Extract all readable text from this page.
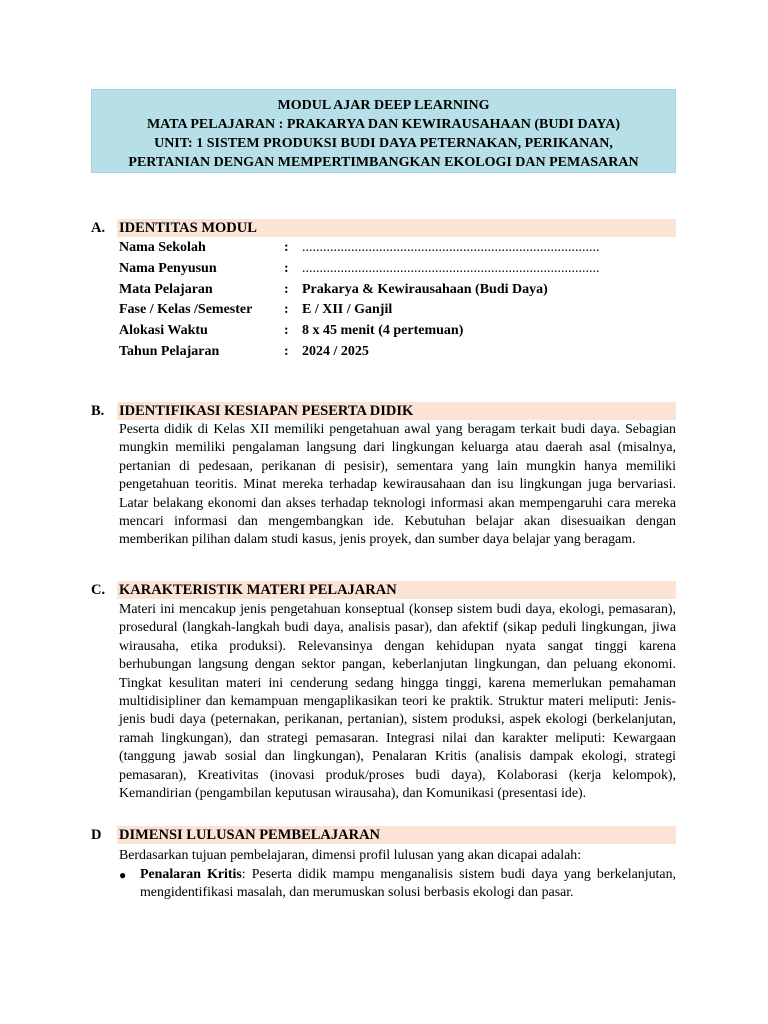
MODUL AJAR DEEP LEARNING
MATA PELAJARAN : PRAKARYA DAN KEWIRAUSAHAAN (BUDI DAYA)
UNIT: 1 SISTEM PRODUKSI BUDI DAYA PETERNAKAN, PERIKANAN,
PERTANIAN DENGAN MEMPERTIMBANGKAN EKOLOGI DAN PEMASARAN
A. IDENTITAS MODUL
Nama Sekolah	: .....................................................................................
Nama Penyusun	: .....................................................................................
Mata Pelajaran	: Prakarya & Kewirausahaan (Budi Daya)
Fase / Kelas /Semester	: E / XII / Ganjil
Alokasi Waktu	: 8 x 45 menit (4 pertemuan)
Tahun Pelajaran	: 2024 / 2025
B.	IDENTIFIKASI KESIAPAN PESERTA DIDIK
Peserta didik di Kelas XII memiliki pengetahuan awal yang beragam terkait budi daya. Sebagian mungkin memiliki pengalaman langsung dari lingkungan keluarga atau daerah asal (misalnya, pertanian di pedesaan, perikanan di pesisir), sementara yang lain mungkin hanya memiliki pengetahuan teoritis. Minat mereka terhadap kewirausahaan dan isu lingkungan juga bervariasi. Latar belakang ekonomi dan akses terhadap teknologi informasi akan mempengaruhi cara mereka mencari informasi dan mengembangkan ide. Kebutuhan belajar akan disesuaikan dengan memberikan pilihan dalam studi kasus, jenis proyek, dan sumber daya belajar yang beragam.
C. KARAKTERISTIK MATERI PELAJARAN
Materi ini mencakup jenis pengetahuan konseptual (konsep sistem budi daya, ekologi, pemasaran), prosedural (langkah-langkah budi daya, analisis pasar), dan afektif (sikap peduli lingkungan, jiwa wirausaha, etika produksi). Relevansinya dengan kehidupan nyata sangat tinggi karena berhubungan langsung dengan sektor pangan, keberlanjutan lingkungan, dan peluang ekonomi. Tingkat kesulitan materi ini cenderung sedang hingga tinggi, karena memerlukan pemahaman multidisipliner dan kemampuan mengaplikasikan teori ke praktik. Struktur materi meliputi: Jenis-jenis budi daya (peternakan, perikanan, pertanian), sistem produksi, aspek ekologi (berkelanjutan, ramah lingkungan), dan strategi pemasaran. Integrasi nilai dan karakter meliputi: Kewargaan (tanggung jawab sosial dan lingkungan), Penalaran Kritis (analisis dampak ekologi, strategi pemasaran), Kreativitas (inovasi produk/proses budi daya), Kolaborasi (kerja kelompok), Kemandirian (pengambilan keputusan wirausaha), dan Komunikasi (presentasi ide).
D	DIMENSI LULUSAN PEMBELAJARAN
Berdasarkan tujuan pembelajaran, dimensi profil lulusan yang akan dicapai adalah:
● Penalaran Kritis: Peserta didik mampu menganalisis sistem budi daya yang berkelanjutan, mengidentifikasi masalah, dan merumuskan solusi berbasis ekologi dan pasar.
